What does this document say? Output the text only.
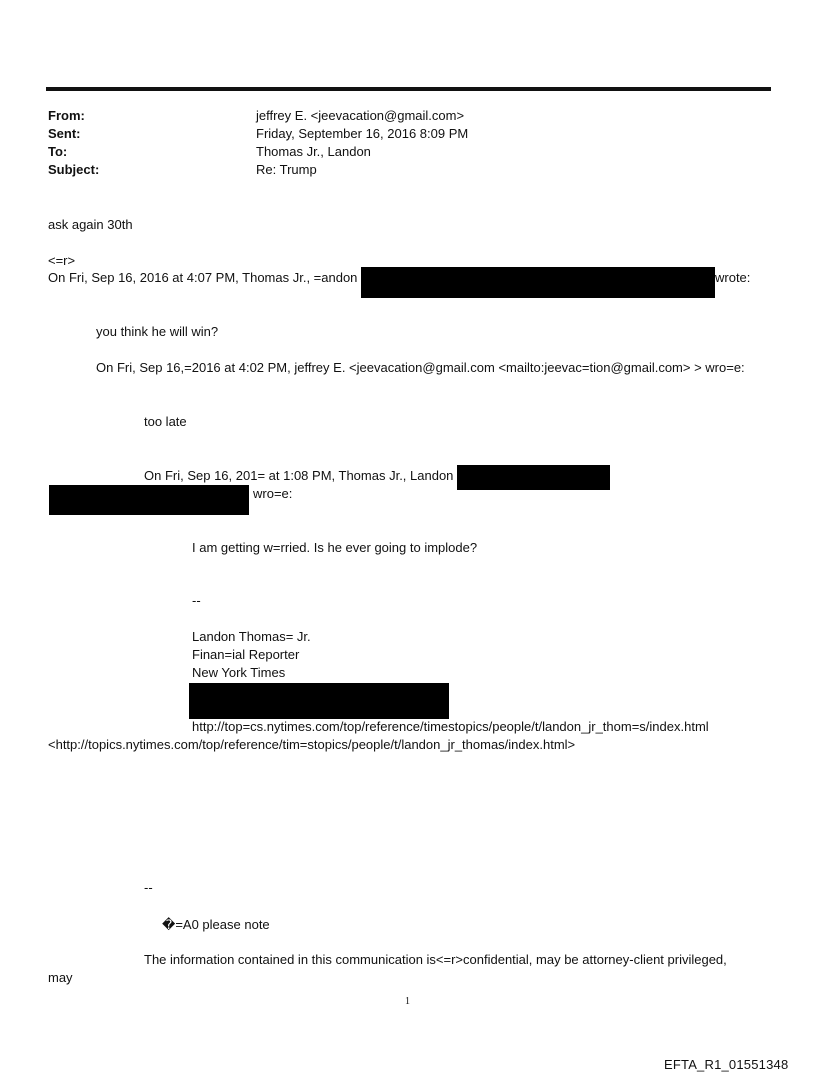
From:	jeffrey E. <jeevacation@gmail.com>
Sent:	Friday, September 16, 2016 8:09 PM
To:	Thomas Jr., Landon
Subject:	Re: Trump
ask again 30th
<=r>
On Fri, Sep 16, 2016 at 4:07 PM, Thomas Jr., =andon	wrote:
you think he will win?
On Fri, Sep 16,=2016 at 4:02 PM, jeffrey E. <jeevacation@gmail.com <mailto:jeevac=tion@gmail.com> > wro=e:
too late
On Fri, Sep 16, 201= at 1:08 PM, Thomas Jr., Landon
wro=e:
I am getting w=rried. Is he ever going to implode?
--
Landon Thomas= Jr.
Finan=ial Reporter
New York Times
http://top=cs.nytimes.com/top/reference/timestopics/people/t/landon_jr_thom=s/index.html
<http://topics.nytimes.com/top/reference/tim=stopics/people/t/landon_jr_thomas/index.html>
--
�=A0 please note
The information contained in this communication is<=r>confidential, may be attorney-client privileged,
may
1
EFTA_R1_01551348
